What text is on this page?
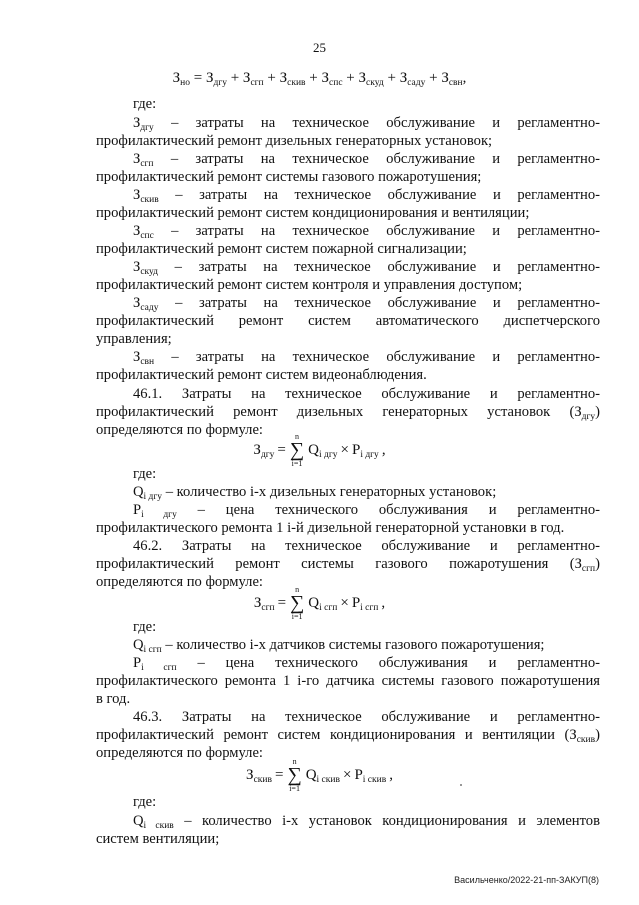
25
$З_{но} = З_{дгу} + З_{сгп} + З_{скив} + З_{спс} + З_{скуд} + З_{саду} + З_{свн}$,
где:
$З_{дгу}$ – затраты на техническое обслуживание и регламентно-
профилактический ремонт дизельных генераторных установок;
$З_{сгп}$ – затраты на техническое обслуживание и регламентно-
профилактический ремонт системы газового пожаротушения;
$З_{скив}$ – затраты на техническое обслуживание и регламентно-
профилактический ремонт систем кондиционирования и вентиляции;
$З_{спс}$ – затраты на техническое обслуживание и регламентно-
профилактический ремонт систем пожарной сигнализации;
$З_{скуд}$ – затраты на техническое обслуживание и регламентно-
профилактический ремонт систем контроля и управления доступом;
$З_{саду}$ – затраты на техническое обслуживание и регламентно-
профилактический ремонт систем автоматического диспетчерского
управления;
$З_{свн}$ – затраты на техническое обслуживание и регламентно-
профилактический ремонт систем видеонаблюдения.
46.1. Затраты на техническое обслуживание и регламентно-
профилактический ремонт дизельных генераторных установок $(З_{дгу})$
определяются по формуле:
$З_{дгу}$ =
n
∑
i=1
$Q_{i дгу} \times P_{i дгу}$ ,
где:
$Q_{i дгу}$ – количество i-х дизельных генераторных установок;
$P_{i дгу}$ – цена технического обслуживания и регламентно-
профилактического ремонта 1 i-й дизельной генераторной установки в год.
46.2. Затраты на техническое обслуживание и регламентно-
профилактический ремонт системы газового пожаротушения $(З_{сгп})$
определяются по формуле:
$З_{сгп}$ =
n
∑
i=1
$Q_{i сгп} \times P_{i сгп}$ ,
где:
$Q_{i сгп}$ – количество i-х датчиков системы газового пожаротушения;
$P_{i сгп}$ – цена технического обслуживания и регламентно-
профилактического ремонта 1 i-го датчика системы газового пожаротушения
в год.
46.3. Затраты на техническое обслуживание и регламентно-
профилактический ремонт систем кондиционирования и вентиляции $(З_{скив})$
определяются по формуле:
$З_{скив}$ =
n
∑
i=1
$Q_{i скив} \times P_{i скив}$ ,
где:
$Q_{i скив}$ – количество i-х установок кондиционирования и элементов
систем вентиляции;
Васильченко/2022-21-пп-ЗАКУП(8)
